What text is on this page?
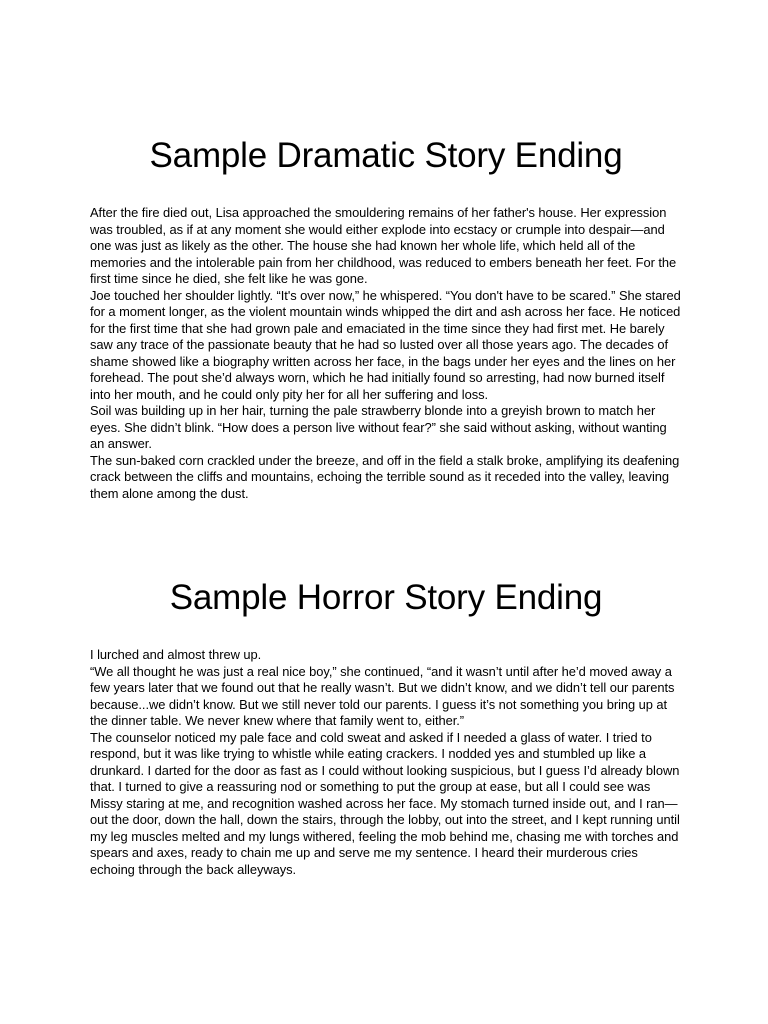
Sample Dramatic Story Ending

After the fire died out, Lisa approached the smouldering remains of her father's house. Her expression was troubled, as if at any moment she would either explode into ecstacy or crumple into despair—and one was just as likely as the other. The house she had known her whole life, which held all of the memories and the intolerable pain from her childhood, was reduced to embers beneath her feet. For the first time since he died, she felt like he was gone.

Joe touched her shoulder lightly. “It's over now,” he whispered. “You don't have to be scared.” She stared for a moment longer, as the violent mountain winds whipped the dirt and ash across her face. He noticed for the first time that she had grown pale and emaciated in the time since they had first met. He barely saw any trace of the passionate beauty that he had so lusted over all those years ago. The decades of shame showed like a biography written across her face, in the bags under her eyes and the lines on her forehead. The pout she’d always worn, which he had initially found so arresting, had now burned itself into her mouth, and he could only pity her for all her suffering and loss.

Soil was building up in her hair, turning the pale strawberry blonde into a greyish brown to match her eyes. She didn’t blink. “How does a person live without fear?” she said without asking, without wanting an answer.

The sun-baked corn crackled under the breeze, and off in the field a stalk broke, amplifying its deafening crack between the cliffs and mountains, echoing the terrible sound as it receded into the valley, leaving them alone among the dust.

Sample Horror Story Ending

I lurched and almost threw up.

“We all thought he was just a real nice boy,” she continued, “and it wasn’t until after he’d moved away a few years later that we found out that he really wasn’t. But we didn’t know, and we didn’t tell our parents because...we didn’t know. But we still never told our parents. I guess it’s not something you bring up at the dinner table. We never knew where that family went to, either.”

The counselor noticed my pale face and cold sweat and asked if I needed a glass of water. I tried to respond, but it was like trying to whistle while eating crackers. I nodded yes and stumbled up like a drunkard. I darted for the door as fast as I could without looking suspicious, but I guess I’d already blown that. I turned to give a reassuring nod or something to put the group at ease, but all I could see was Missy staring at me, and recognition washed across her face. My stomach turned inside out, and I ran—out the door, down the hall, down the stairs, through the lobby, out into the street, and I kept running until my leg muscles melted and my lungs withered, feeling the mob behind me, chasing me with torches and spears and axes, ready to chain me up and serve me my sentence. I heard their murderous cries echoing through the back alleyways.
